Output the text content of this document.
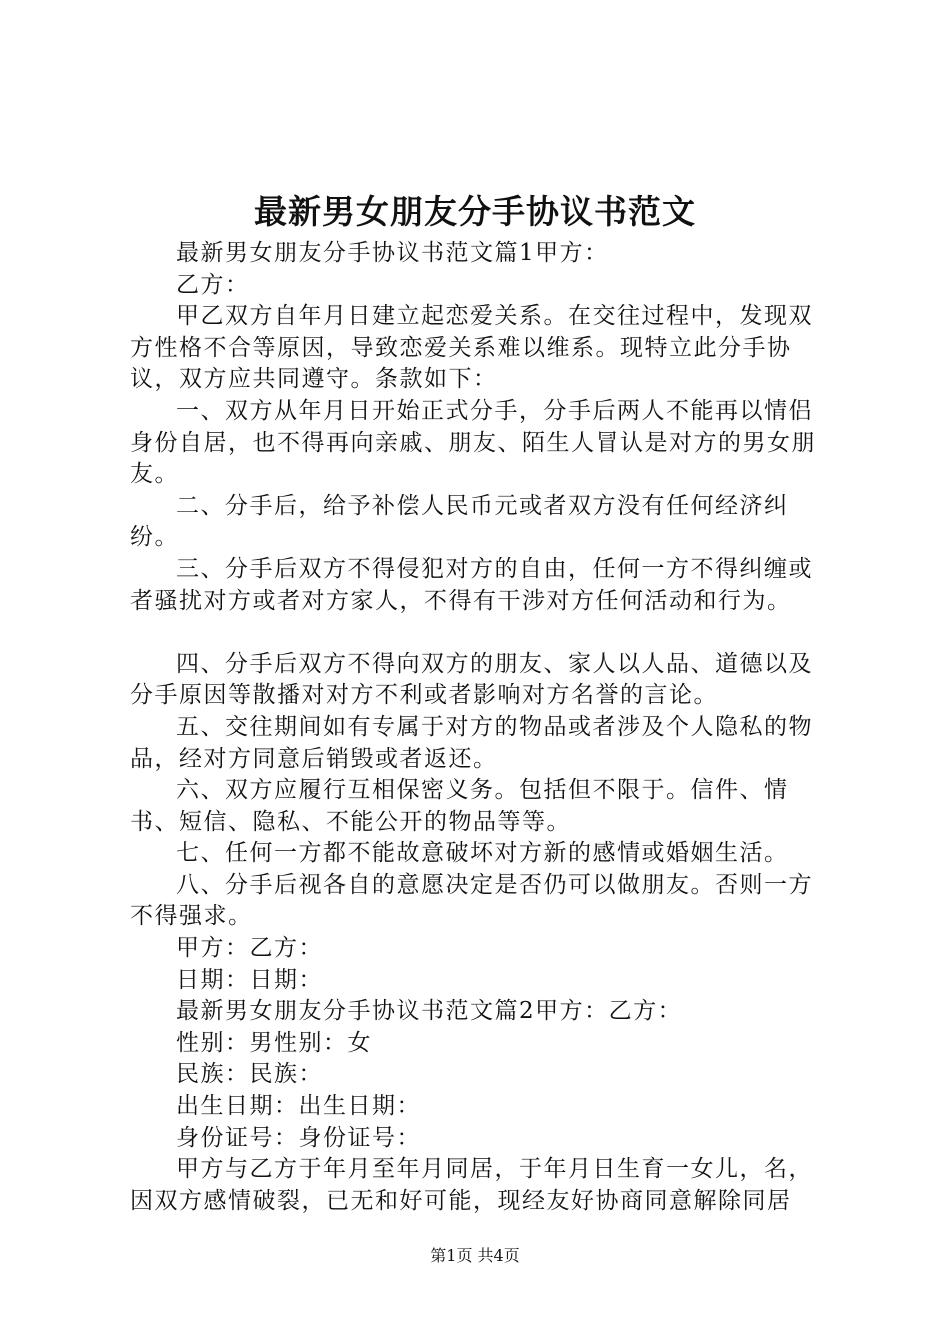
最新男女朋友分手协议书范文

最新男女朋友分手协议书范文篇1甲方：

乙方：

甲乙双方自年月日建立起恋爱关系。在交往过程中，发现双方性格不合等原因，导致恋爱关系难以维系。现特立此分手协议，双方应共同遵守。条款如下：

一、双方从年月日开始正式分手，分手后两人不能再以情侣身份自居，也不得再向亲戚、朋友、陌生人冒认是对方的男女朋友。

二、分手后，给予补偿人民币元或者双方没有任何经济纠纷。

三、分手后双方不得侵犯对方的自由，任何一方不得纠缠或者骚扰对方或者对方家人，不得有干涉对方任何活动和行为。

四、分手后双方不得向双方的朋友、家人以人品、道德以及分手原因等散播对对方不利或者影响对方名誉的言论。

五、交往期间如有专属于对方的物品或者涉及个人隐私的物品，经对方同意后销毁或者返还。

六、双方应履行互相保密义务。包括但不限于。信件、情书、短信、隐私、不能公开的物品等等。

七、任何一方都不能故意破坏对方新的感情或婚姻生活。

八、分手后视各自的意愿决定是否仍可以做朋友。否则一方不得强求。

甲方：乙方：

日期：日期：

最新男女朋友分手协议书范文篇2甲方：乙方：

性别：男性别：女

民族：民族：

出生日期：出生日期：

身份证号：身份证号：

甲方与乙方于年月至年月同居，于年月日生育一女儿，名，因双方感情破裂，已无和好可能，现经友好协商同意解除同居

第1页 共4页
